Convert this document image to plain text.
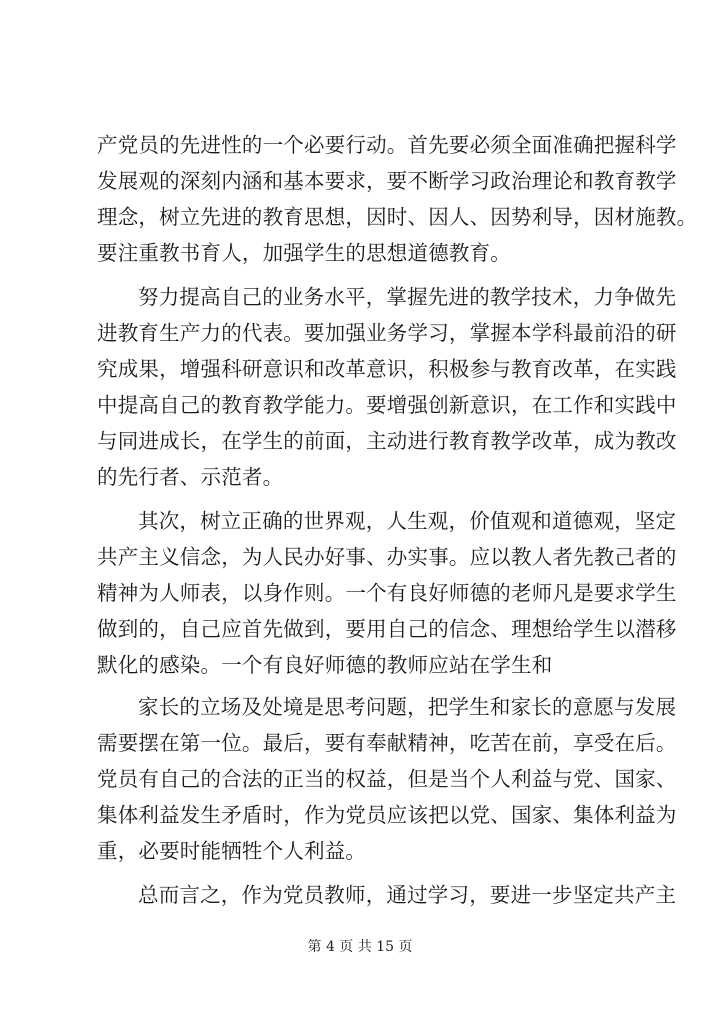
产党员的先进性的一个必要行动。首先要必须全面准确把握科学
发展观的深刻内涵和基本要求，要不断学习政治理论和教育教学
理念，树立先进的教育思想，因时、因人、因势利导，因材施教。
要注重教书育人，加强学生的思想道德教育。
努力提高自己的业务水平，掌握先进的教学技术，力争做先
进教育生产力的代表。要加强业务学习，掌握本学科最前沿的研
究成果，增强科研意识和改革意识，积极参与教育改革，在实践
中提高自己的教育教学能力。要增强创新意识，在工作和实践中
与同进成长，在学生的前面，主动进行教育教学改革，成为教改
的先行者、示范者。
其次，树立正确的世界观，人生观，价值观和道德观，坚定
共产主义信念，为人民办好事、办实事。应以教人者先教己者的
精神为人师表，以身作则。一个有良好师德的老师凡是要求学生
做到的，自己应首先做到，要用自己的信念、理想给学生以潜移
默化的感染。一个有良好师德的教师应站在学生和
家长的立场及处境是思考问题，把学生和家长的意愿与发展
需要摆在第一位。最后，要有奉献精神，吃苦在前，享受在后。
党员有自己的合法的正当的权益，但是当个人利益与党、国家、
集体利益发生矛盾时，作为党员应该把以党、国家、集体利益为
重，必要时能牺牲个人利益。
总而言之，作为党员教师，通过学习，要进一步坚定共产主
第 4 页 共 15 页
